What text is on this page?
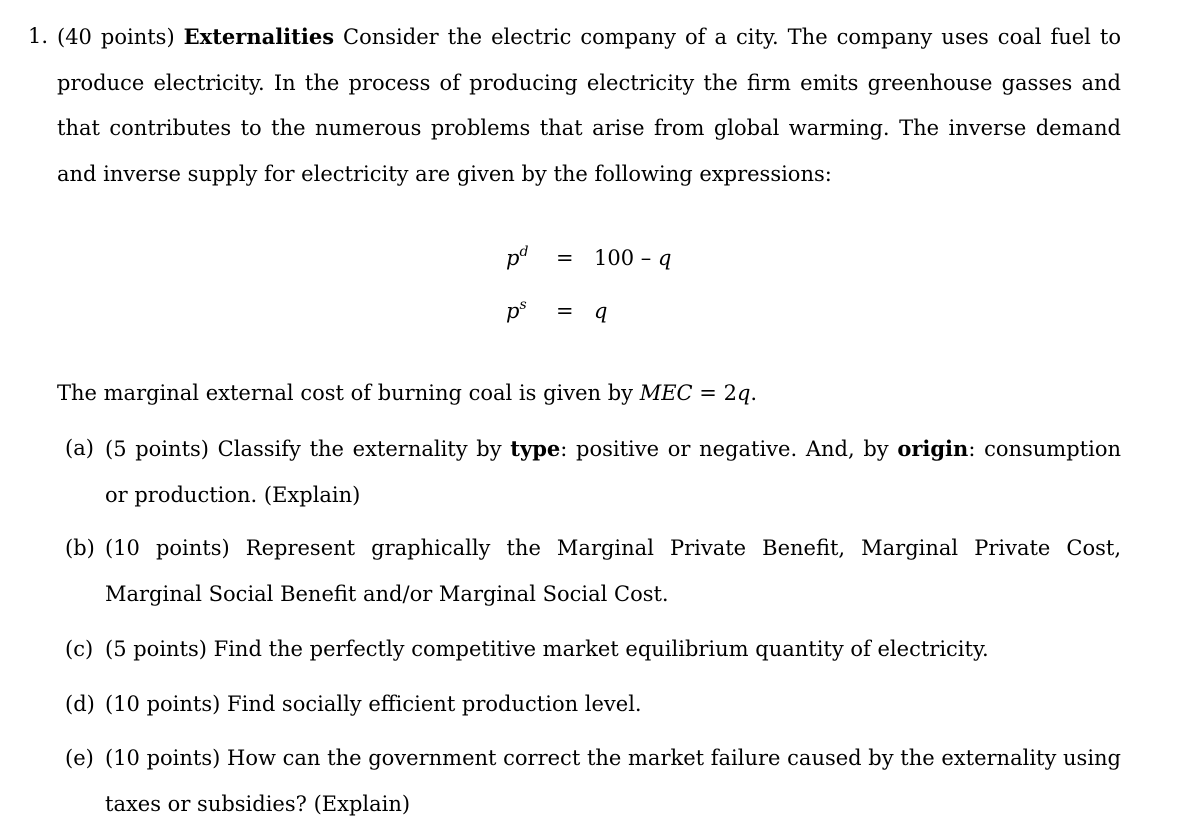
1. (40 points) Externalities Consider the electric company of a city. The company uses coal fuel to produce electricity. In the process of producing electricity the firm emits greenhouse gasses and that contributes to the numerous problems that arise from global warming. The inverse demand and inverse supply for electricity are given by the following expressions:
$p^d = 100 - q$
$p^s = q$
The marginal external cost of burning coal is given by MEC = 2q.
(a) (5 points) Classify the externality by type: positive or negative. And, by origin: consumption or production. (Explain)
(b) (10 points) Represent graphically the Marginal Private Benefit, Marginal Private Cost, Marginal Social Benefit and/or Marginal Social Cost.
(c) (5 points) Find the perfectly competitive market equilibrium quantity of electricity.
(d) (10 points) Find socially efficient production level.
(e) (10 points) How can the government correct the market failure caused by the externality using taxes or subsidies? (Explain)
